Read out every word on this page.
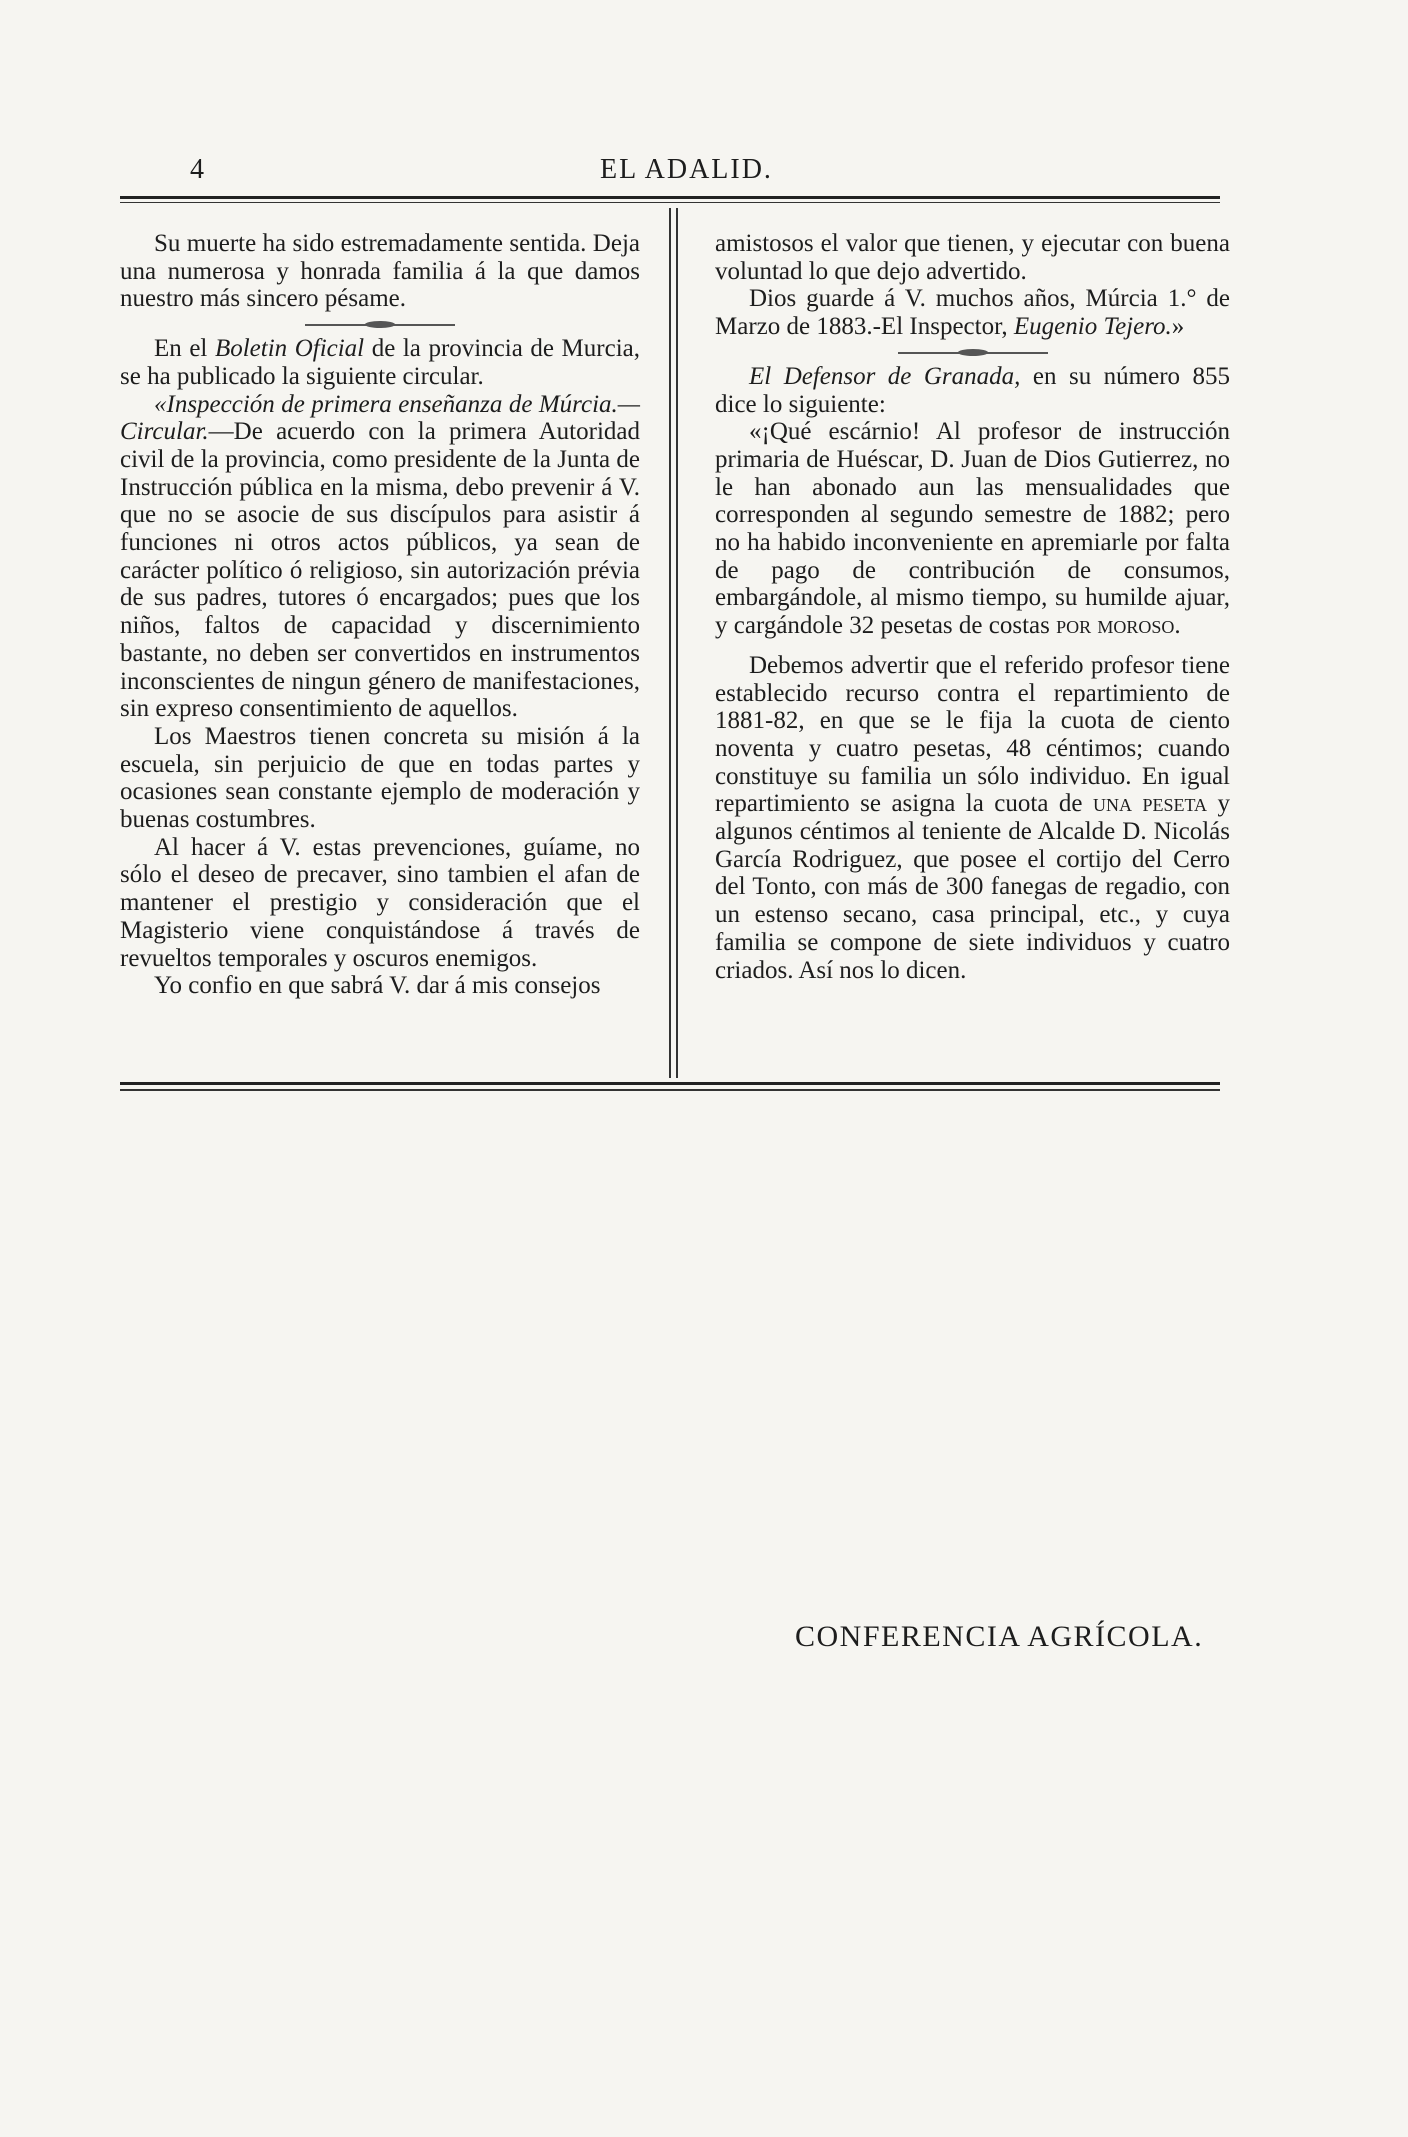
4	EL ADALID.

Su muerte ha sido estremadamente sentida. Deja una numerosa y honrada familia á la que damos nuestro más sincero pésame.

En el Boletin Oficial de la provincia de Murcia, se ha publicado la siguiente circular.

«Inspección de primera enseñanza de Múrcia.—Circular.—De acuerdo con la primera Autoridad civil de la provincia, como presidente de la Junta de Instrucción pública en la misma, debo prevenir á V. que no se asocie de sus discípulos para asistir á funciones ni otros actos públicos, ya sean de carácter político ó religioso, sin autorización prévia de sus padres, tutores ó encargados; pues que los niños, faltos de capacidad y discernimiento bastante, no deben ser convertidos en instrumentos inconscientes de ningun género de manifestaciones, sin expreso consentimiento de aquellos.

Los Maestros tienen concreta su misión á la escuela, sin perjuicio de que en todas partes y ocasiones sean constante ejemplo de moderación y buenas costumbres.

Al hacer á V. estas prevenciones, guíame, no sólo el deseo de precaver, sino tambien el afan de mantener el prestigio y consideración que el Magisterio viene conquistándose á través de revueltos temporales y oscuros enemigos.

Yo confio en que sabrá V. dar á mis consejos

amistosos el valor que tienen, y ejecutar con buena voluntad lo que dejo advertido.

Dios guarde á V. muchos años, Múrcia 1.° de Marzo de 1883.-El Inspector, Eugenio Tejero.»

El Defensor de Granada, en su número 855 dice lo siguiente:

«¡Qué escárnio! Al profesor de instrucción primaria de Huéscar, D. Juan de Dios Gutierrez, no le han abonado aun las mensualidades que corresponden al segundo semestre de 1882; pero no ha habido inconveniente en apremiarle por falta de pago de contribución de consumos, embargándole, al mismo tiempo, su humilde ajuar, y cargándole 32 pesetas de costas por moroso.

Debemos advertir que el referido profesor tiene establecido recurso contra el repartimiento de 1881-82, en que se le fija la cuota de ciento noventa y cuatro pesetas, 48 céntimos; cuando constituye su familia un sólo individuo. En igual repartimiento se asigna la cuota de una peseta y algunos céntimos al teniente de Alcalde D. Nicolás García Rodriguez, que posee el cortijo del Cerro del Tonto, con más de 300 fanegas de regadio, con un estenso secano, casa principal, etc., y cuya familia se compone de siete individuos y cuatro criados. Así nos lo dicen.

CONFERENCIA AGRÍCOLA.
